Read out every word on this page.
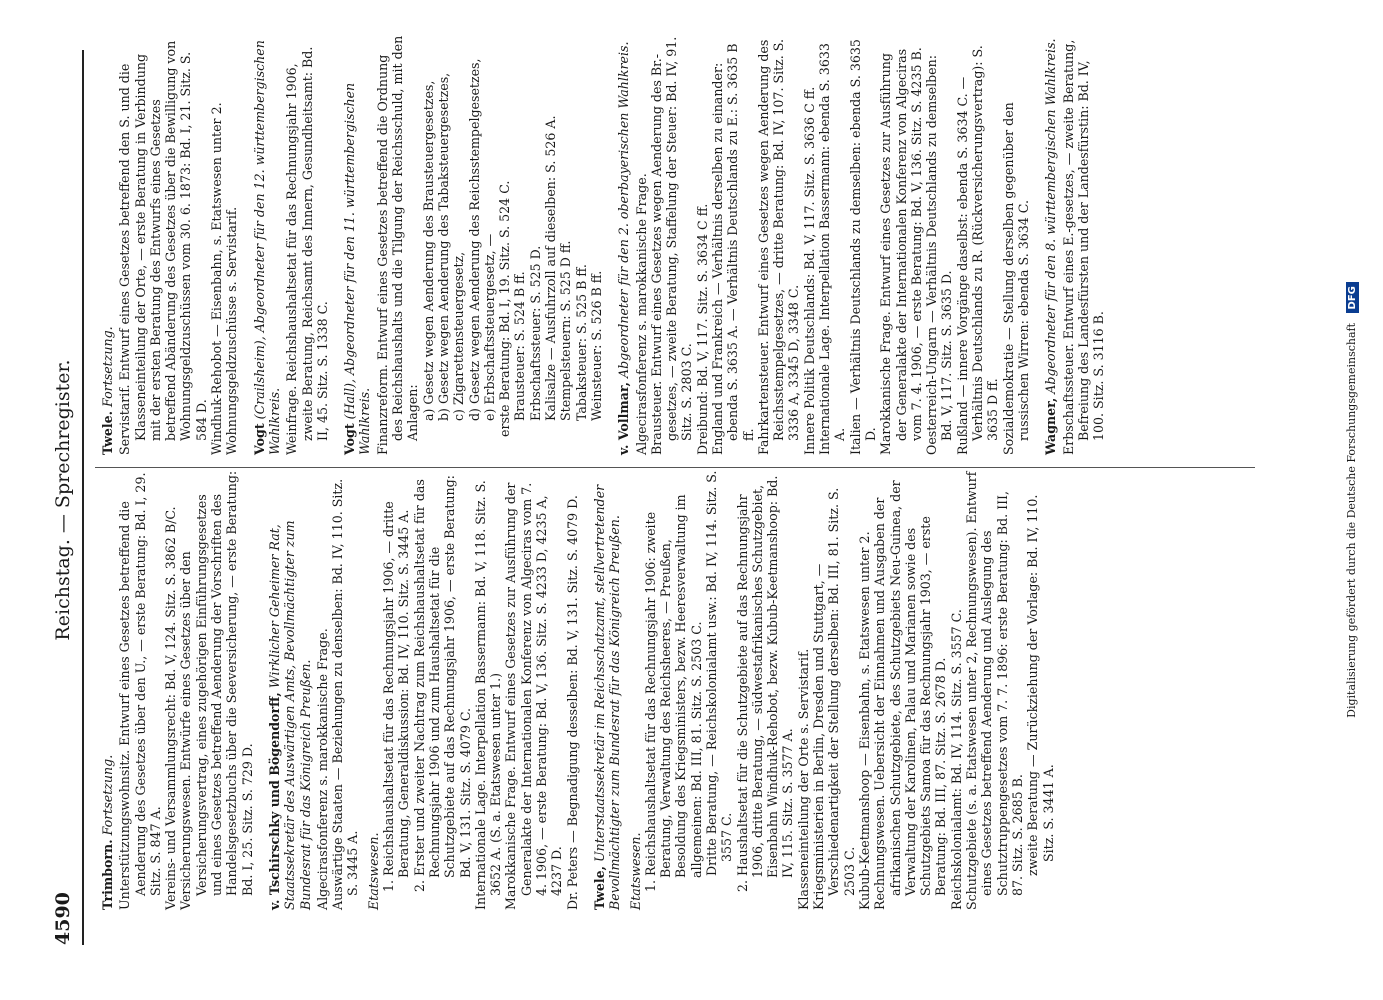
4590
Reichstag. — Sprechregister.
Trimborn. Fortsetzung. Unterstützungswohnsitz. Entwurf eines Gesetzes betreffend die Aenderung des Gesetzes über den U., — erste Beratung: Bd. I, 29. Sitz. S. 847 A. Vereins- und Versammlungsrecht: Bd. V, 124. Sitz. S. 3862 B/C. Versicherungswesen. Entwürfe eines Gesetzes über den Versicherungsvertrag, eines zugehörigen Einführungsgesetzes und eines Gesetzes betreffend Aenderung der Vorschriften des Handelsgesetzbuchs über die Seeversicherung, — erste Beratung: Bd. I, 25. Sitz. S. 729 D. v. Tschirschky und Bögendorff, Wirklicher Geheimer Rat, Staatssekretär des Auswärtigen Amts, Bevollmächtigter zum Bundesrat für das Königreich Preußen. Algecirasfonferenz s. marokkanische Frage. Auswärtige Staaten — Beziehungen zu denselben: Bd. IV, 110. Sitz. S. 3445 A. Etatswesen. 1. Reichshaushaltsetat für das Rechnungsjahr 1906, — dritte Beratung, Generaldiskussion: Bd. IV, 110. Sitz. S. 3445 A. 2. Erster und zweiter Nachtrag zum Reichshaushaltsetat für das Rechnungsjahr 1906 und zum Haushaltsetat für die Schutzgebiete auf das Rechnungsjahr 1906, — erste Beratung: Bd. V, 131. Sitz. S. 4079 C. Internationale Lage. Interpellation Bassermann: Bd. V, 118. Sitz. S. 3652 A. (S. a. Etatswesen unter 1.) Marokkanische Frage. Entwurf eines Gesetzes zur Ausführung der Generalakte der Internationalen Konferenz von Algeciras vom 7. 4. 1906, — erste Beratung: Bd. V, 136. Sitz. S. 4233 D, 4235 A, 4237 D. Dr. Peters — Begnadigung desselben: Bd. V, 131. Sitz. S. 4079 D. Twele, Unterstaatssekretär im Reichsschatzamt, stellvertretender Bevollmächtigter zum Bundesrat für das Königreich Preußen. Etatswesen. 1. Reichshaushaltsetat für das Rechnungsjahr 1906: zweite Beratung, Verwaltung des Reichsheeres, — Preußen, Besoldung des Kriegsministers, bezw. Heeresverwaltung im allgemeinen: Bd. III, 81. Sitz. S. 2503 C. Dritte Beratung, — Reichskolonialamt usw.: Bd. IV, 114. Sitz. S. 3557 C. 2. Haushaltsetat für die Schutzgebiete auf das Rechnungsjahr 1906, dritte Beratung, — südwestafrikanisches Schutzgebiet, Eisenbahn Windhuk-Rehobot, bezw. Kubub-Keetmanshoop: Bd. IV, 115. Sitz. S. 3577 A. Klasseneinteilung der Orte s. Servistarif. Kriegsministerien in Berlin, Dresden und Stuttgart, — Verschiedenartigkeit der Stellung derselben: Bd. III, 81. Sitz. S. 2503 C. Kubub-Keetmanshoop — Eisenbahn, s. Etatswesen unter 2. Rechnungswesen. Uebersicht der Einnahmen und Ausgaben der afrikanischen Schutzgebiete, des Schutzgebiets Neu-Guinea, der Verwaltung der Karolinen, Palau und Marianen sowie des Schutzgebiets Samoa für das Rechnungsjahr 1903, — erste Beratung: Bd. III, 87. Sitz. S. 2678 D. Reichskolonialamt: Bd. IV, 114. Sitz. S. 3557 C. Schutzgebiete (s. a. Etatswesen unter 2, Rechnungswesen). Entwurf eines Gesetzes betreffend Aenderung und Auslegung des Schutztruppengesetzes vom 7. 7. 1896: erste Beratung: Bd. III, 87. Sitz. S. 2685 B. zweite Beratung — Zurückziehung der Vorlage: Bd. IV, 110. Sitz. S. 3441 A.

Twele. Fortsetzung. Servistarif. Entwurf eines Gesetzes betreffend den S. und die Klasseneinteilung der Orte, — erste Beratung in Verbindung mit der ersten Beratung des Entwurfs eines Gesetzes betreffend Abänderung des Gesetzes über die Bewilligung von Wohnungsgeldzuschüssen vom 30. 6. 1873: Bd. I, 21. Sitz. S. 584 D. Windhuk-Rehobot — Eisenbahn, s. Etatswesen unter 2. Wohnungsgeldzuschüsse s. Servistarif. Vogt (Crailsheim), Abgeordneter für den 12. württembergischen Wahlkreis. Weinfrage. Reichshaushaltsetat für das Rechnungsjahr 1906, zweite Beratung, Reichsamt des Innern, Gesundheitsamt: Bd. II, 45. Sitz. S. 1338 C. Vogt (Hall), Abgeordneter für den 11. württembergischen Wahlkreis. Finanzreform. Entwurf eines Gesetzes betreffend die Ordnung des Reichshaushalts und die Tilgung der Reichsschuld, mit den Anlagen: a) Gesetz wegen Aenderung des Brausteuergesetzes, b) Gesetz wegen Aenderung des Tabaksteuergesetzes, c) Zigarettensteuergesetz, d) Gesetz wegen Aenderung des Reichsstempelgesetzes, e) Erbschaftssteuergesetz, — erste Beratung: Bd. I, 19. Sitz. S. 524 C. Brausteuer: S. 524 B ff. Erbschaftssteuer: S. 525 D. Kalisalze — Ausfuhrzoll auf dieselben: S. 526 A. Stempelsteuern: S. 525 D ff. Tabaksteuer: S. 525 B ff. Weinsteuer: S. 526 B ff. v. Vollmar, Abgeordneter für den 2. oberbayerischen Wahlkreis. Algecirasfonferenz s. marokkanische Frage. Brausteuer. Entwurf eines Gesetzes wegen Aenderung des Br.-gesetzes, — zweite Beratung, Staffelung der Steuer: Bd. IV, 91. Sitz. S. 2803 C. Dreibund: Bd. V, 117. Sitz. S. 3634 C ff. England und Frankreich — Verhältnis derselben zu einander: ebenda S. 3635 A. — Verhältnis Deutschlands zu E.: S. 3635 B ff. Fahrkartensteuer. Entwurf eines Gesetzes wegen Aenderung des Reichsstempelgesetzes, — dritte Beratung: Bd. IV, 107. Sitz. S. 3336 A, 3345 D, 3348 C. Innere Politik Deutschlands: Bd. V, 117. Sitz. S. 3636 C ff. Internationale Lage. Interpellation Bassermann: ebenda S. 3633 A. Italien — Verhältnis Deutschlands zu demselben: ebenda S. 3635 D. Marokkanische Frage. Entwurf eines Gesetzes zur Ausführung der Generalakte der Internationalen Konferenz von Algeciras vom 7. 4. 1906, — erste Beratung: Bd. V, 136. Sitz. S. 4235 B. Oesterreich-Ungarn — Verhältnis Deutschlands zu demselben: Bd. V, 117. Sitz. S. 3635 D. Rußland — innere Vorgänge daselbst: ebenda S. 3634 C. — Verhältnis Deutschlands zu R. (Rückversicherungsvertrag): S. 3635 D ff. Sozialdemokratie — Stellung derselben gegenüber den russischen Wirren: ebenda S. 3634 C. Wagner, Abgeordneter für den 8. württembergischen Wahlkreis. Erbschaftssteuer. Entwurf eines E.-gesetzes, — zweite Beratung, Befreiung des Landesfürsten und der Landesfürstin: Bd. IV, 100. Sitz. S. 3116 B.	Digitalisierung gefördert durch die Deutsche Forschungsgemeinschaft DFG
